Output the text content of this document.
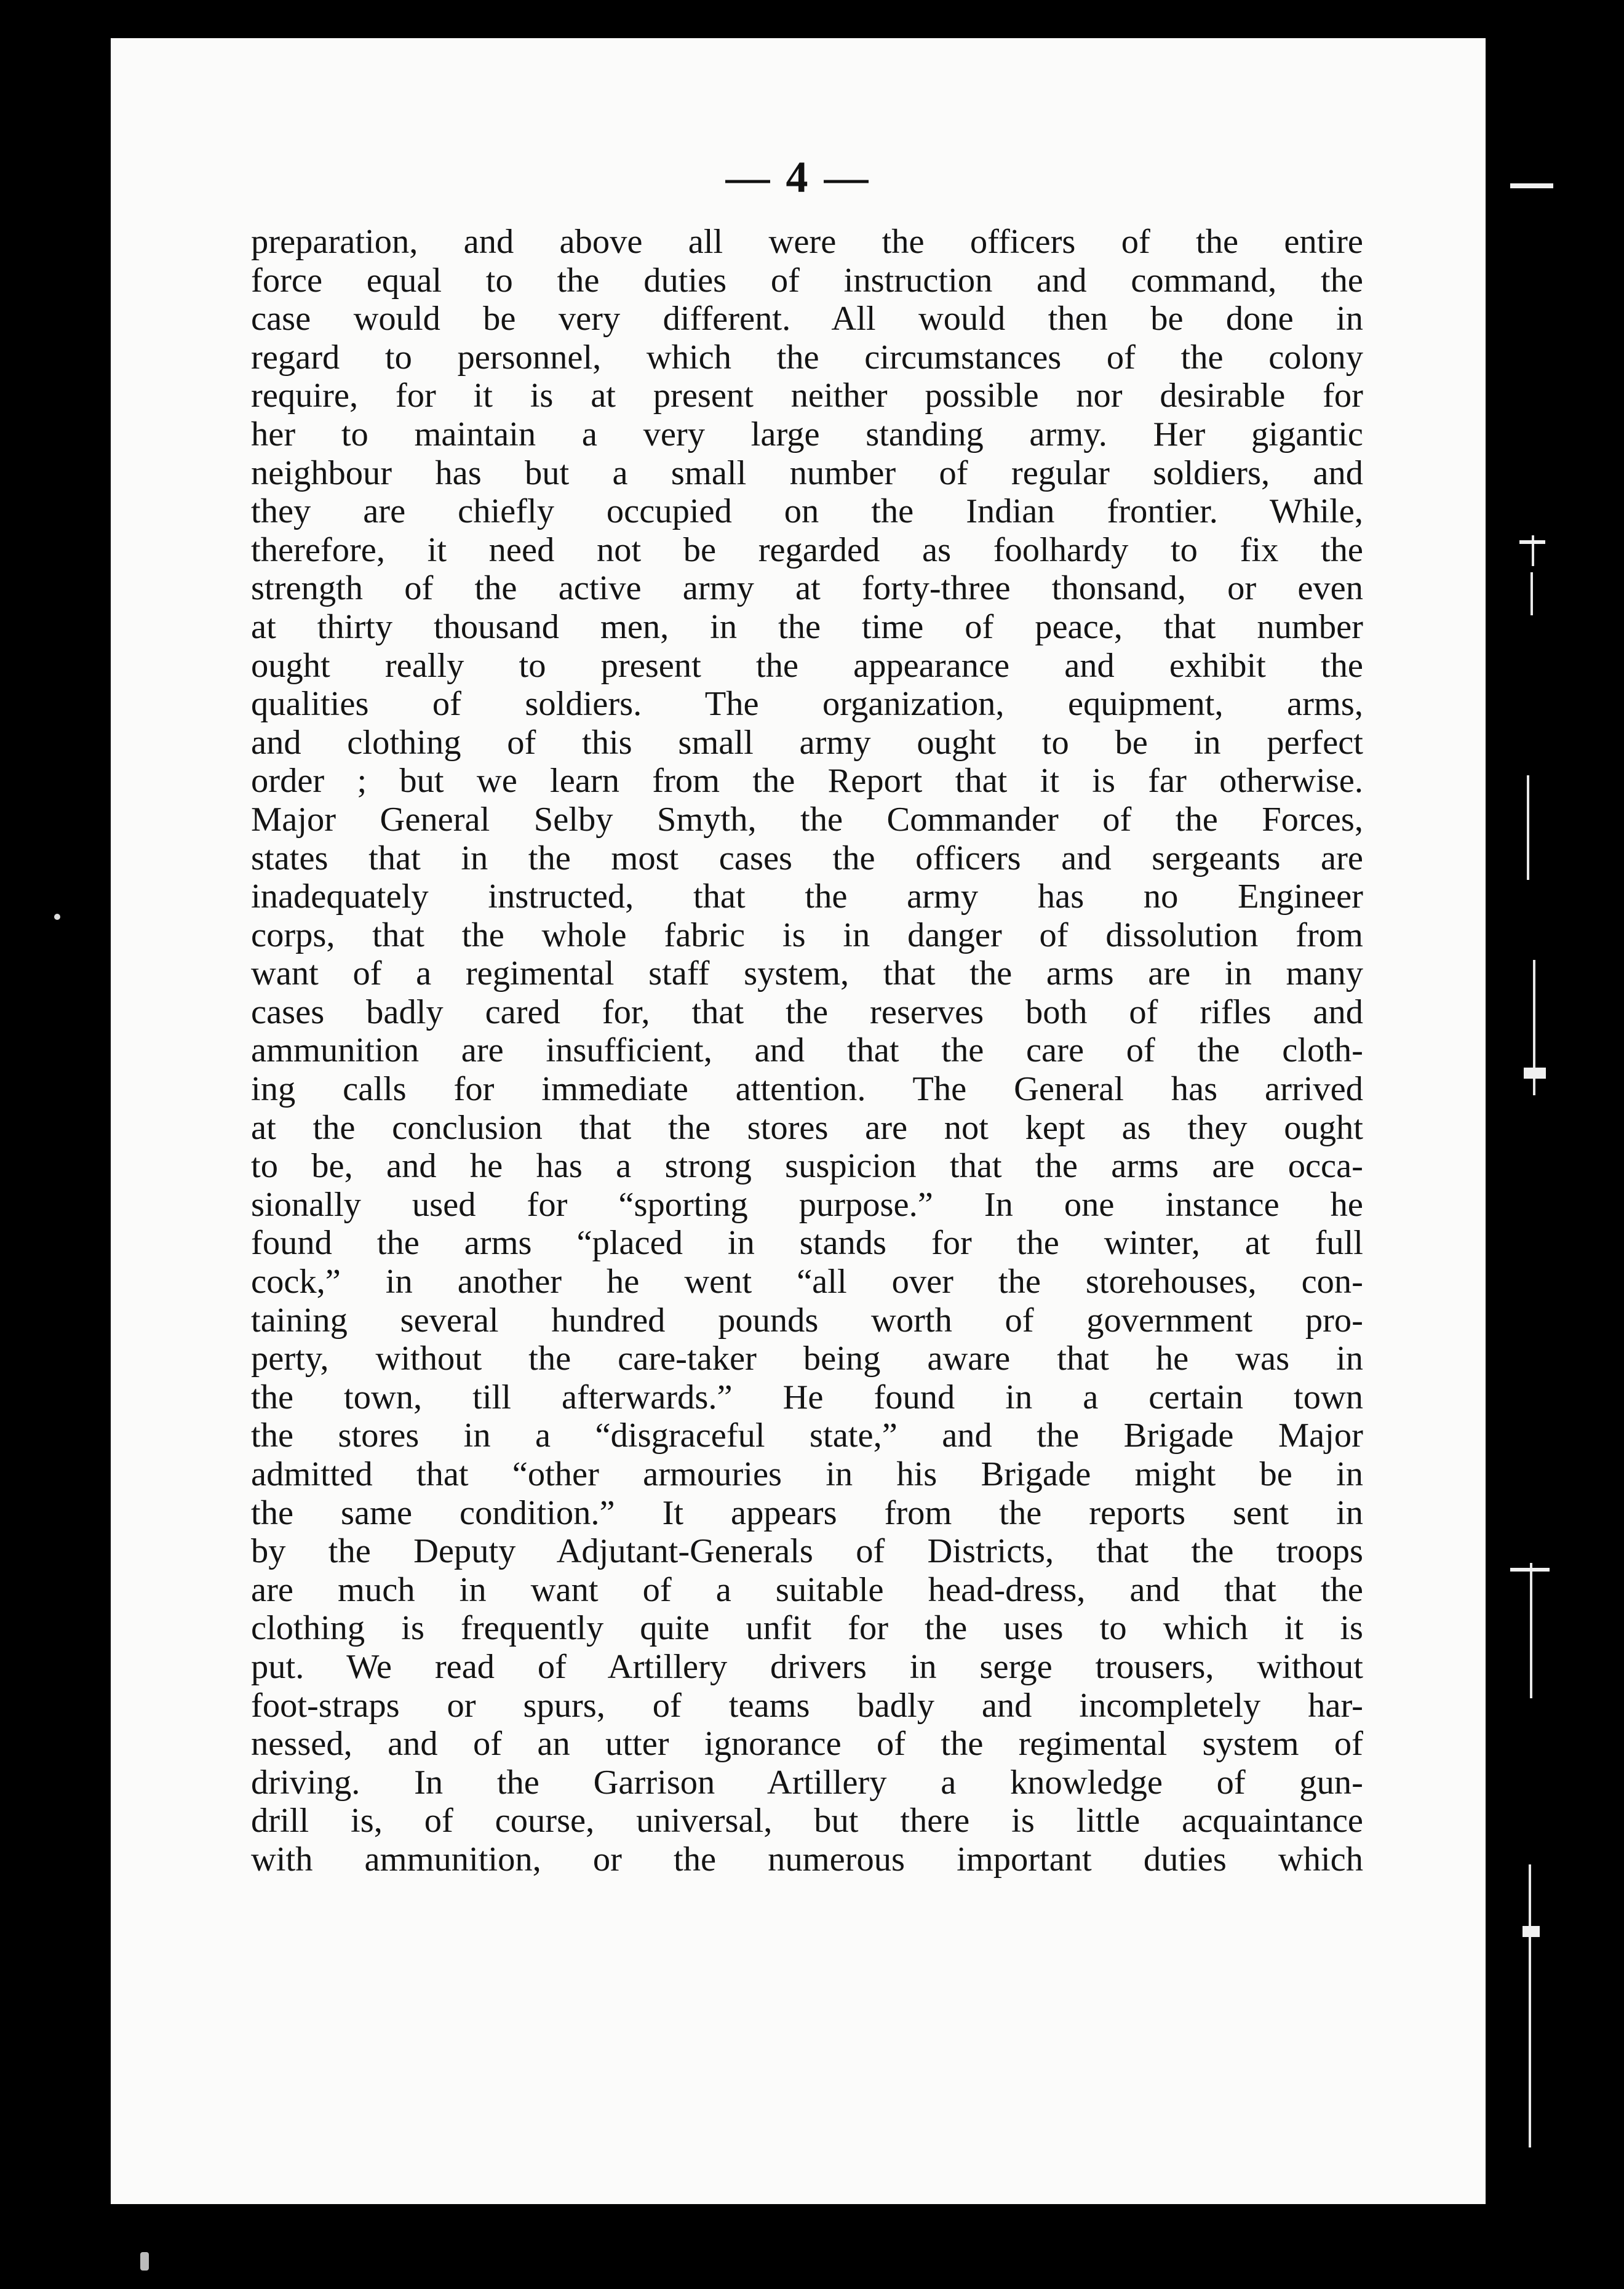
— 4 —
preparation, and above all were the officers of the entire
force equal to the duties of instruction and command, the
case would be very different. All would then be done in
regard to personnel, which the circumstances of the colony
require, for it is at present neither possible nor desirable for
her to maintain a very large standing army. Her gigantic
neighbour has but a small number of regular soldiers, and
they are chiefly occupied on the Indian frontier. While,
therefore, it need not be regarded as foolhardy to fix the
strength of the active army at forty-three thonsand, or even
at thirty thousand men, in the time of peace, that number
ought really to present the appearance and exhibit the
qualities of soldiers. The organization, equipment, arms,
and clothing of this small army ought to be in perfect
order ; but we learn from the Report that it is far otherwise.
Major General Selby Smyth, the Commander of the Forces,
states that in the most cases the officers and sergeants are
inadequately instructed, that the army has no Engineer
corps, that the whole fabric is in danger of dissolution from
want of a regimental staff system, that the arms are in many
cases badly cared for, that the reserves both of rifles and
ammunition are insufficient, and that the care of the cloth-
ing calls for immediate attention. The General has arrived
at the conclusion that the stores are not kept as they ought
to be, and he has a strong suspicion that the arms are occa-
sionally used for “sporting purpose.” In one instance he
found the arms “placed in stands for the winter, at full
cock,” in another he went “all over the storehouses, con-
taining several hundred pounds worth of government pro-
perty, without the care-taker being aware that he was in
the town, till afterwards.” He found in a certain town
the stores in a “disgraceful state,” and the Brigade Major
admitted that “other armouries in his Brigade might be in
the same condition.” It appears from the reports sent in
by the Deputy Adjutant-Generals of Districts, that the troops
are much in want of a suitable head-dress, and that the
clothing is frequently quite unfit for the uses to which it is
put. We read of Artillery drivers in serge trousers, without
foot-straps or spurs, of teams badly and incompletely har-
nessed, and of an utter ignorance of the regimental system of
driving. In the Garrison Artillery a knowledge of gun-
drill is, of course, universal, but there is little acquaintance
with ammunition, or the numerous important duties which
